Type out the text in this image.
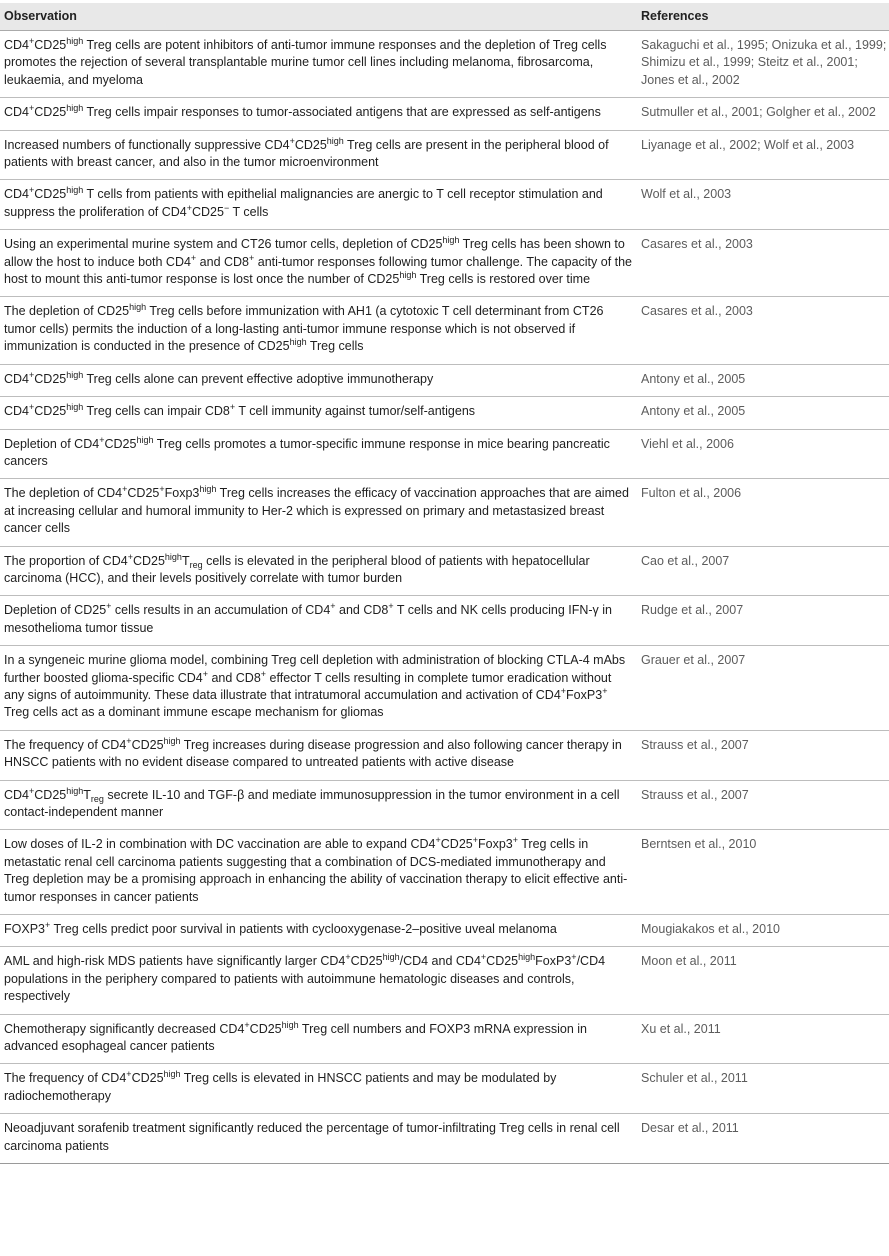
Observation	References
$CD4^+CD25^{high}$ Treg cells are potent inhibitors of anti-tumor immune responses and the depletion of Treg cells promotes the rejection of several transplantable murine tumor cell lines including melanoma, fibrosarcoma, leukaemia, and myeloma	Sakaguchi et al., 1995; Onizuka et al., 1999; Shimizu et al., 1999; Steitz et al., 2001; Jones et al., 2002
$CD4^+CD25^{high}$ Treg cells impair responses to tumor-associated antigens that are expressed as self-antigens	Sutmuller et al., 2001; Golgher et al., 2002
Increased numbers of functionally suppressive $CD4^+CD25^{high}$ Treg cells are present in the peripheral blood of patients with breast cancer, and also in the tumor microenvironment	Liyanage et al., 2002; Wolf et al., 2003
$CD4^+CD25^{high}$ T cells from patients with epithelial malignancies are anergic to T cell receptor stimulation and suppress the proliferation of CD4+CD25− T cells	Wolf et al., 2003
Using an experimental murine system and CT26 tumor cells, depletion of $CD25^{high}$ Treg cells has been shown to allow the host to induce both CD4+ and CD8+ anti-tumor responses following tumor challenge. The capacity of the host to mount this anti-tumor response is lost once the number of $CD25^{high}$ Treg cells is restored over time	Casares et al., 2003
The depletion of $CD25^{high}$ Treg cells before immunization with AH1 (a cytotoxic T cell determinant from CT26 tumor cells) permits the induction of a long-lasting anti-tumor immune response which is not observed if immunization is conducted in the presence of $CD25^{high}$ Treg cells	Casares et al., 2003
$CD4^+CD25^{high}$ Treg cells alone can prevent effective adoptive immunotherapy	Antony et al., 2005
$CD4^+CD25^{high}$ Treg cells can impair CD8+ T cell immunity against tumor/self-antigens	Antony et al., 2005
Depletion of $CD4^+CD25^{high}$ Treg cells promotes a tumor-specific immune response in mice bearing pancreatic cancers	Viehl et al., 2006
The depletion of $CD4^+CD25^+Foxp3^{high}$ Treg cells increases the efficacy of vaccination approaches that are aimed at increasing cellular and humoral immunity to Her-2 which is expressed on primary and metastasized breast cancer cells	Fulton et al., 2006
The proportion of $CD4^+CD25^{high}T_{reg}$ cells is elevated in the peripheral blood of patients with hepatocellular carcinoma (HCC), and their levels positively correlate with tumor burden	Cao et al., 2007
Depletion of CD25+ cells results in an accumulation of CD4+ and CD8+ T cells and NK cells producing IFN-γ in mesothelioma tumor tissue	Rudge et al., 2007
In a syngeneic murine glioma model, combining Treg cell depletion with administration of blocking CTLA-4 mAbs further boosted glioma-specific CD4+ and CD8+ effector T cells resulting in complete tumor eradication without any signs of autoimmunity. These data illustrate that intratumoral accumulation and activation of CD4+FoxP3+ Treg cells act as a dominant immune escape mechanism for gliomas	Grauer et al., 2007
The frequency of $CD4^+CD25^{high}$ Treg increases during disease progression and also following cancer therapy in HNSCC patients with no evident disease compared to untreated patients with active disease	Strauss et al., 2007
$CD4^+CD25^{high}T_{reg}$ secrete IL-10 and TGF-β and mediate immunosuppression in the tumor environment in a cell contact-independent manner	Strauss et al., 2007
Low doses of IL-2 in combination with DC vaccination are able to expand CD4+CD25+Foxp3+ Treg cells in metastatic renal cell carcinoma patients suggesting that a combination of DCS-mediated immunotherapy and Treg depletion may be a promising approach in enhancing the ability of vaccination therapy to elicit effective anti-tumor responses in cancer patients	Berntsen et al., 2010
FOXP3+ Treg cells predict poor survival in patients with cyclooxygenase-2–positive uveal melanoma	Mougiakakos et al., 2010
AML and high-risk MDS patients have significantly larger $CD4^+CD25^{high}/CD4$ and $CD4^+CD25^{high}FoxP3^+/CD4$ populations in the periphery compared to patients with autoimmune hematologic diseases and controls, respectively	Moon et al., 2011
Chemotherapy significantly decreased $CD4^+CD25^{high}$ Treg cell numbers and FOXP3 mRNA expression in advanced esophageal cancer patients	Xu et al., 2011
The frequency of $CD4^+CD25^{high}$ Treg cells is elevated in HNSCC patients and may be modulated by radiochemotherapy	Schuler et al., 2011
Neoadjuvant sorafenib treatment significantly reduced the percentage of tumor-infiltrating Treg cells in renal cell carcinoma patients	Desar et al., 2011
